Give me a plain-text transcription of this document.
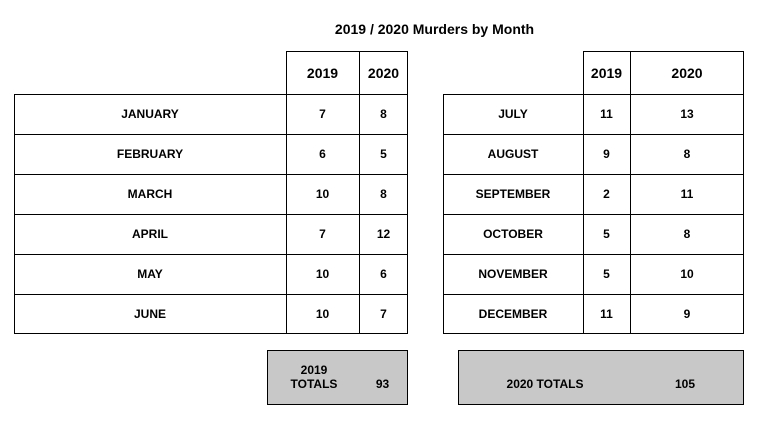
2019 / 2020 Murders by Month
2019	2020
JANUARY	7	8
FEBRUARY	6	5
MARCH	10	8
APRIL	7	12
MAY	10	6
JUNE	10	7
2019	2020
JULY	11	13
AUGUST	9	8
SEPTEMBER	2	11
OCTOBER	5	8
NOVEMBER	5	10
DECEMBER	11	9
2019
TOTALS	93	2020 TOTALS	105
